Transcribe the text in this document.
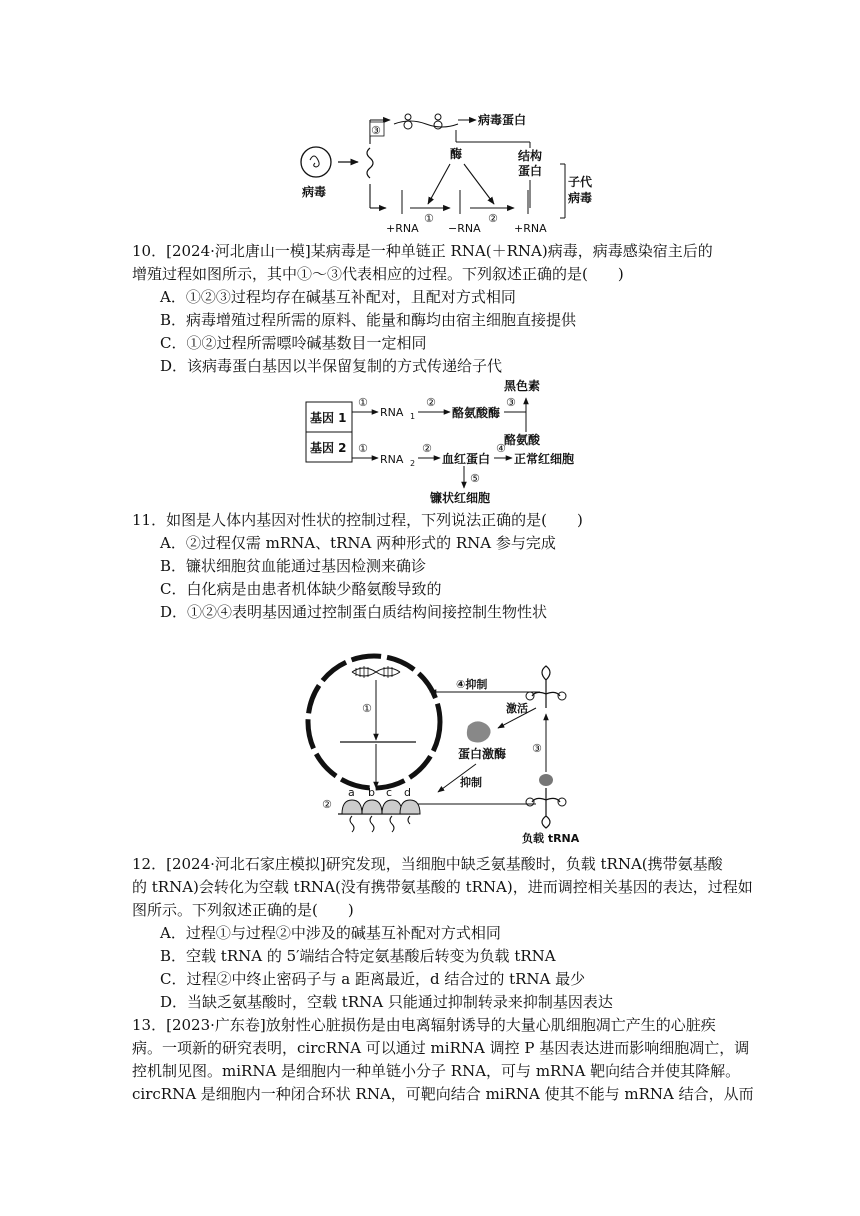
病毒
③
病毒蛋白
酶	结构
蛋白
子代
病毒
①	②
+RNA	−RNA	+RNA
10．[2024·河北唐山一模]某病毒是一种单链正 RNA(＋RNA)病毒，病毒感染宿主后的
增殖过程如图所示，其中①～③代表相应的过程。下列叙述正确的是(　　)
A．①②③过程均存在碱基互补配对，且配对方式相同
B．病毒增殖过程所需的原料、能量和酶均由宿主细胞直接提供
C．①②过程所需嘌呤碱基数目一定相同
D．该病毒蛋白基因以半保留复制的方式传递给子代
基因 1
基因 2
①
RNA 1
②
酪氨酸酶
③
黑色素
酪氨酸
①
RNA 2
②
血红蛋白
④
正常红细胞
⑤
镰状红细胞
11．如图是人体内基因对性状的控制过程，下列说法正确的是(　　)
A．②过程仅需 mRNA、tRNA 两种形式的 RNA 参与完成
B．镰状细胞贫血能通过基因检测来确诊
C．白化病是由患者机体缺少酪氨酸导致的
D．①②④表明基因通过控制蛋白质结构间接控制生物性状
①
④抑制
激活
蛋白激酶
抑制
③
负载 tRNA
②
a b c d
12．[2024·河北石家庄模拟]研究发现，当细胞中缺乏氨基酸时，负载 tRNA(携带氨基酸
的 tRNA)会转化为空载 tRNA(没有携带氨基酸的 tRNA)，进而调控相关基因的表达，过程如
图所示。下列叙述正确的是(　　)
A．过程①与过程②中涉及的碱基互补配对方式相同
B．空载 tRNA 的 5′端结合特定氨基酸后转变为负载 tRNA
C．过程②中终止密码子与 a 距离最近，d 结合过的 tRNA 最少
D．当缺乏氨基酸时，空载 tRNA 只能通过抑制转录来抑制基因表达
13．[2023·广东卷]放射性心脏损伤是由电离辐射诱导的大量心肌细胞凋亡产生的心脏疾
病。一项新的研究表明，circRNA 可以通过 miRNA 调控 P 基因表达进而影响细胞凋亡，调
控机制见图。miRNA 是细胞内一种单链小分子 RNA，可与 mRNA 靶向结合并使其降解。
circRNA 是细胞内一种闭合环状 RNA，可靶向结合 miRNA 使其不能与 mRNA 结合，从而
